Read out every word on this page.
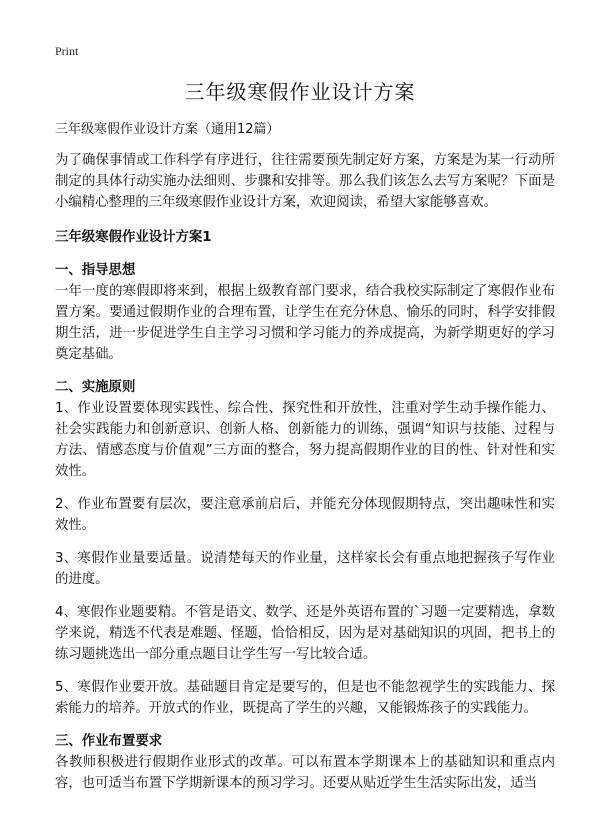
Print
三年级寒假作业设计方案

三年级寒假作业设计方案（通用12篇）

为了确保事情或工作科学有序进行，往往需要预先制定好方案，方案是为某一行动所制定的具体行动实施办法细则、步骤和安排等。那么我们该怎么去写方案呢？下面是小编精心整理的三年级寒假作业设计方案，欢迎阅读，希望大家能够喜欢。

三年级寒假作业设计方案1

一、指导思想

一年一度的寒假即将来到，根据上级教育部门要求，结合我校实际制定了寒假作业布置方案。要通过假期作业的合理布置，让学生在充分休息、愉乐的同时，科学安排假期生活，进一步促进学生自主学习习惯和学习能力的养成提高，为新学期更好的学习奠定基础。

二、实施原则

1、作业设置要体现实践性、综合性、探究性和开放性，注重对学生动手操作能力、社会实践能力和创新意识、创新人格、创新能力的训练，强调“知识与技能、过程与方法、情感态度与价值观”三方面的整合，努力提高假期作业的目的性、针对性和实效性。

2、作业布置要有层次，要注意承前启后，并能充分体现假期特点，突出趣味性和实效性。

3、寒假作业量要适量。说清楚每天的作业量，这样家长会有重点地把握孩子写作业的进度。

4、寒假作业题要精。不管是语文、数学、还是外英语布置的`习题一定要精选，拿数学来说，精选不代表是难题、怪题，恰恰相反，因为是对基础知识的巩固，把书上的练习题挑选出一部分重点题目让学生写一写比较合适。

5、寒假作业要开放。基础题目肯定是要写的，但是也不能忽视学生的实践能力、探索能力的培养。开放式的作业，既提高了学生的兴趣，又能锻炼孩子的实践能力。

三、作业布置要求

各教师积极进行假期作业形式的改革。可以布置本学期课本上的基础知识和重点内容，也可适当布置下学期新课本的预习学习。还要从贴近学生生活实际出发，适当
